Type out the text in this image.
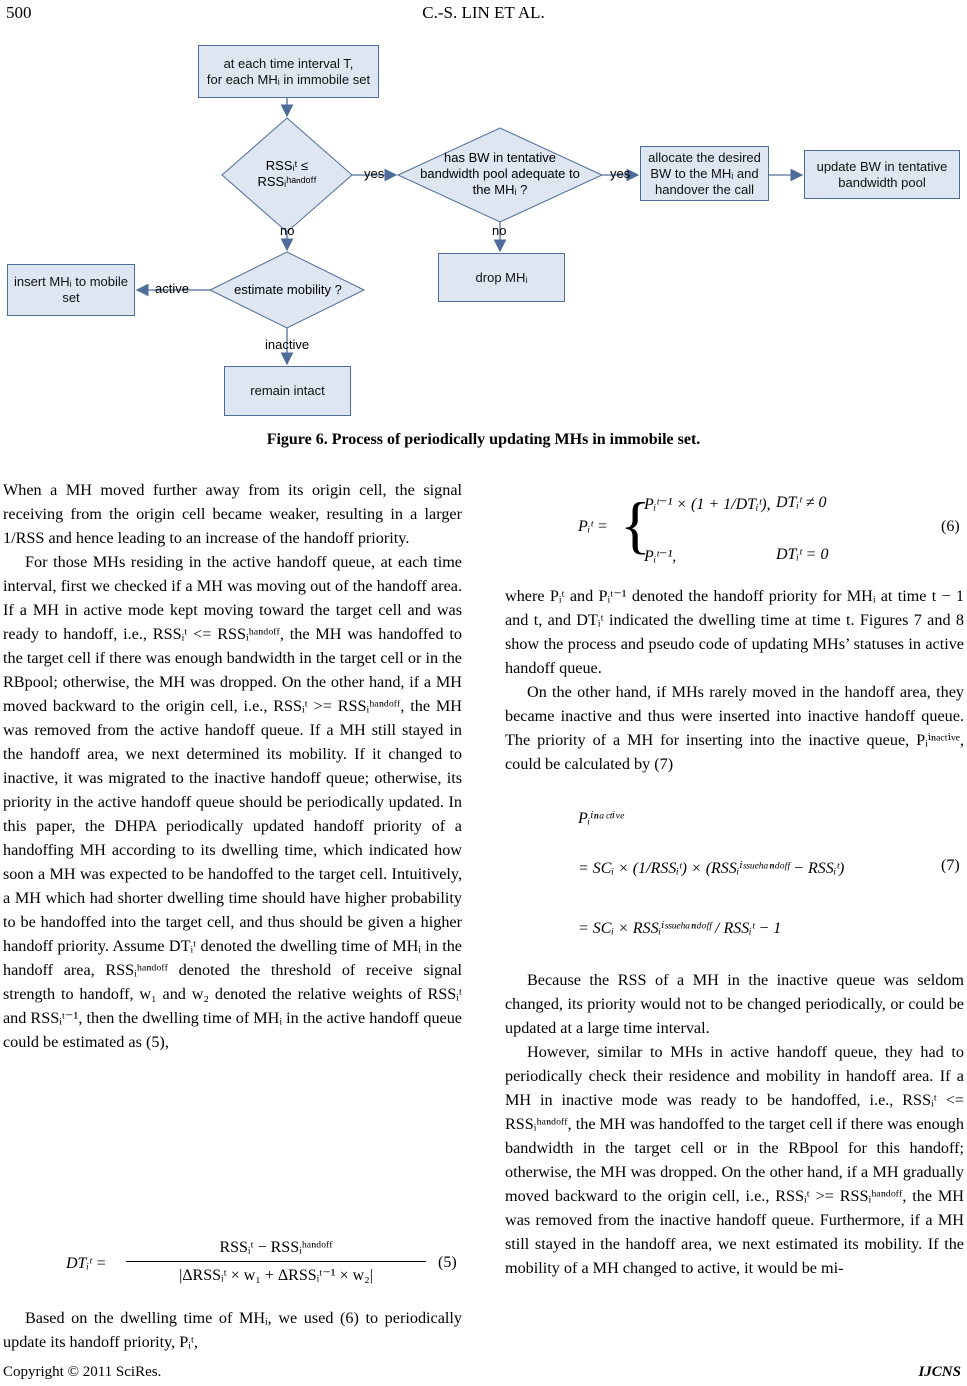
500	C.-S. LIN ET AL.
at each time interval T,
for each MHᵢ in immobile set
RSSᵢᵗ ≤
RSSᵢʰᵃⁿᵈᵒᶠᶠ
has BW in tentative
bandwidth pool adequate to
the MHᵢ ?
allocate the desired
BW to the MHᵢ and
handover the call
update BW in tentative
bandwidth pool
drop MHᵢ
estimate mobility ?
insert MHᵢ to mobile
set
remain intact
yes	yes
no	no
active
inactive
Figure 6. Process of periodically updating MHs in immobile set.

When a MH moved further away from its origin cell, the signal receiving from the origin cell became weaker, resulting in a larger 1/RSS and hence leading to an increase of the handoff priority.

For those MHs residing in the active handoff queue, at each time interval, first we checked if a MH was moving out of the handoff area. If a MH in active mode kept moving toward the target cell and was ready to handoff, i.e., RSSᵢᵗ <= RSSᵢʰᵃⁿᵈᵒᶠᶠ, the MH was handoffed to the target cell if there was enough bandwidth in the target cell or in the RBpool; otherwise, the MH was dropped. On the other hand, if a MH moved backward to the origin cell, i.e., RSSᵢᵗ >= RSSᵢʰᵃⁿᵈᵒᶠᶠ, the MH was removed from the active handoff queue. If a MH still stayed in the handoff area, we next determined its mobility. If it changed to inactive, it was migrated to the inactive handoff queue; otherwise, its priority in the active handoff queue should be periodically updated. In this paper, the DHPA periodically updated handoff priority of a handoffing MH according to its dwelling time, which indicated how soon a MH was expected to be handoffed to the target cell. Intuitively, a MH which had shorter dwelling time should have higher probability to be handoffed into the target cell, and thus should be given a higher handoff priority. Assume DTᵢᵗ denoted the dwelling time of MHᵢ in the handoff area, RSSᵢʰᵃⁿᵈᵒᶠᶠ denoted the threshold of receive signal strength to handoff, w₁ and w₂ denoted the relative weights of RSSᵢᵗ and RSSᵢᵗ⁻¹, then the dwelling time of MHᵢ in the active handoff queue could be estimated as (5),

DTᵢᵗ =
RSSᵢᵗ − RSSᵢʰᵃⁿᵈᵒᶠᶠ
|ΔRSSᵢᵗ × w₁ + ΔRSSᵢᵗ⁻¹ × w₂|
(5)

Based on the dwelling time of MHᵢ, we used (6) to periodically update its handoff priority, Pᵢᵗ,

Pᵢᵗ = {
Pᵢᵗ⁻¹ × (1 + 1/DTᵢᵗ), DTᵢᵗ ≠ 0
Pᵢᵗ⁻¹,	DTᵢᵗ = 0
(6)

where Pᵢᵗ and Pᵢᵗ⁻¹ denoted the handoff priority for MHᵢ at time t − 1 and t, and DTᵢᵗ indicated the dwelling time at time t. Figures 7 and 8 show the process and pseudo code of updating MHs’ statuses in active handoff queue.

On the other hand, if MHs rarely moved in the handoff area, they became inactive and thus were inserted into inactive handoff queue. The priority of a MH for inserting into the inactive queue, Pᵢⁱⁿᵃᶜᵗⁱᵛᵉ, could be calculated by (7)

Pᵢⁱⁿᵃᶜᵗⁱᵛᵉ
= SCᵢ × (1/RSSᵢᵗ) × (RSSᵢⁱˢˢᵘᵉʰᵃⁿᵈᵒᶠᶠ − RSSᵢᵗ)
= SCᵢ × RSSᵢⁱˢˢᵘᵉʰᵃⁿᵈᵒᶠᶠ / RSSᵢᵗ − 1
(7)

Because the RSS of a MH in the inactive queue was seldom changed, its priority would not to be changed periodically, or could be updated at a large time interval.

However, similar to MHs in active handoff queue, they had to periodically check their residence and mobility in handoff area. If a MH in inactive mode was ready to be handoffed, i.e., RSSᵢᵗ <= RSSᵢʰᵃⁿᵈᵒᶠᶠ, the MH was handoffed to the target cell if there was enough bandwidth in the target cell or in the RBpool for this handoff; otherwise, the MH was dropped. On the other hand, if a MH gradually moved backward to the origin cell, i.e., RSSᵢᵗ >= RSSᵢʰᵃⁿᵈᵒᶠᶠ, the MH was removed from the inactive handoff queue. Furthermore, if a MH still stayed in the handoff area, we next estimated its mobility. If the mobility of a MH changed to active, it would be mi-

Copyright © 2011 SciRes.	IJCNS
